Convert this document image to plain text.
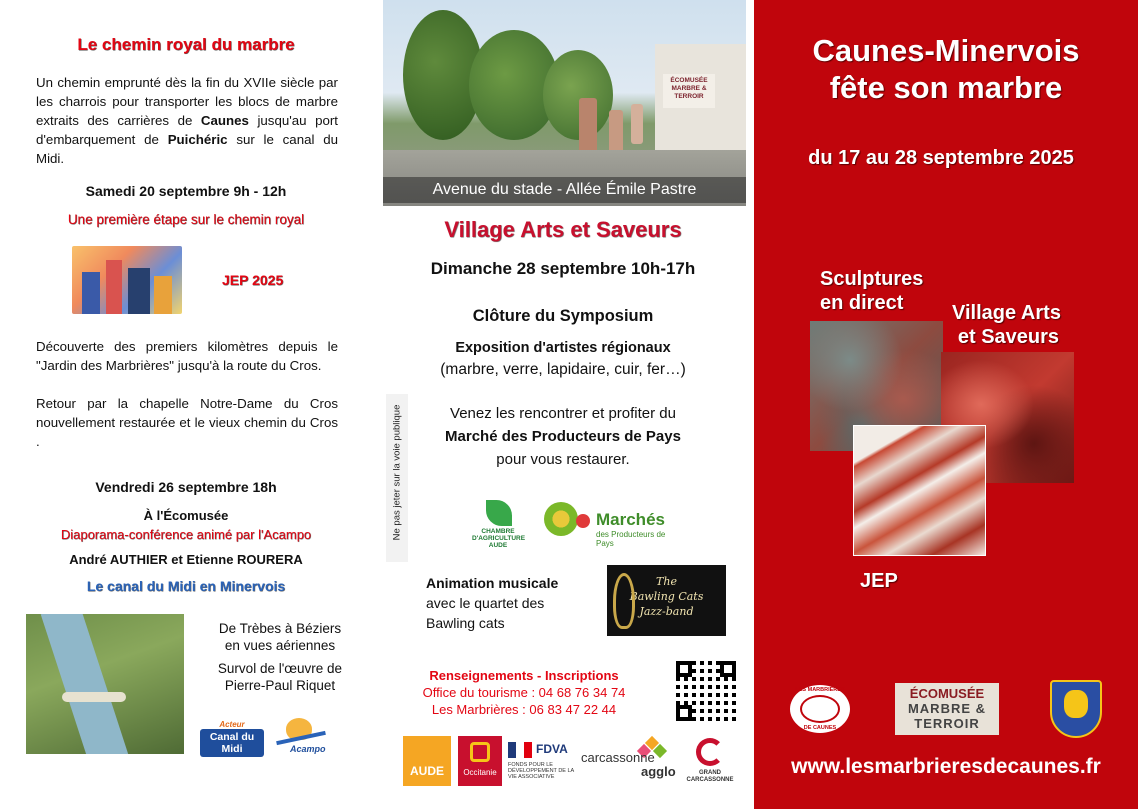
Le chemin royal du marbre
Un chemin emprunté dès la fin du XVIIe siècle par les charrois pour transporter les blocs de marbre extraits des carrières de Caunes jusqu'au port d'embarquement de Puichéric sur le canal du Midi.
Samedi 20 septembre 9h - 12h
Une première étape sur le chemin royal
JEP 2025
Découverte des premiers kilomètres depuis le "Jardin des Marbrières" jusqu'à la route du Cros.
Retour par la chapelle Notre-Dame du Cros nouvellement restaurée et le vieux chemin du Cros .
Vendredi 26 septembre 18h
À l'Écomusée
Diaporama-conférence animé par l'Acampo
André AUTHIER et Etienne ROURERA
Le canal du Midi en Minervois
De Trèbes à Béziers
en vues aériennes
Survol de l'œuvre de
Pierre-Paul Riquet
Acteur
Canal du Midi	Acampo
ÉCOMUSÉE MARBRE & TERROIR
Avenue du stade - Allée Émile Pastre
Village Arts et Saveurs
Dimanche 28 septembre 10h-17h
Clôture du Symposium
Exposition d'artistes régionaux
(marbre, verre, lapidaire, cuir, fer…)
Venez les rencontrer et profiter du
Marché des Producteurs de Pays
pour vous restaurer.
Ne pas jeter sur la voie publique	CHAMBRE D'AGRICULTURE AUDE
Marchés
des Producteurs de Pays
Animation musicale
avec le quartet des
Bawling cats
The
Bawling Cats
Jazz-band
Renseignements - Inscriptions
Office du tourisme : 04 68 76 34 74
Les Marbrières : 06 83 47 22 44
AUDE	Occitanie
FDVA
FONDS POUR LE DÉVELOPPEMENT DE LA VIE ASSOCIATIVE
carcassonne
agglo	GRAND CARCASSONNE
Caunes-Minervois
fête son marbre
du 17 au 28 septembre 2025
Sculptures
en direct	Village Arts
et Saveurs
JEP
LES MARBRIÈRES
DE CAUNES
ÉCOMUSÉE
MARBRE &
TERROIR
www.lesmarbrieresdecaunes.fr
